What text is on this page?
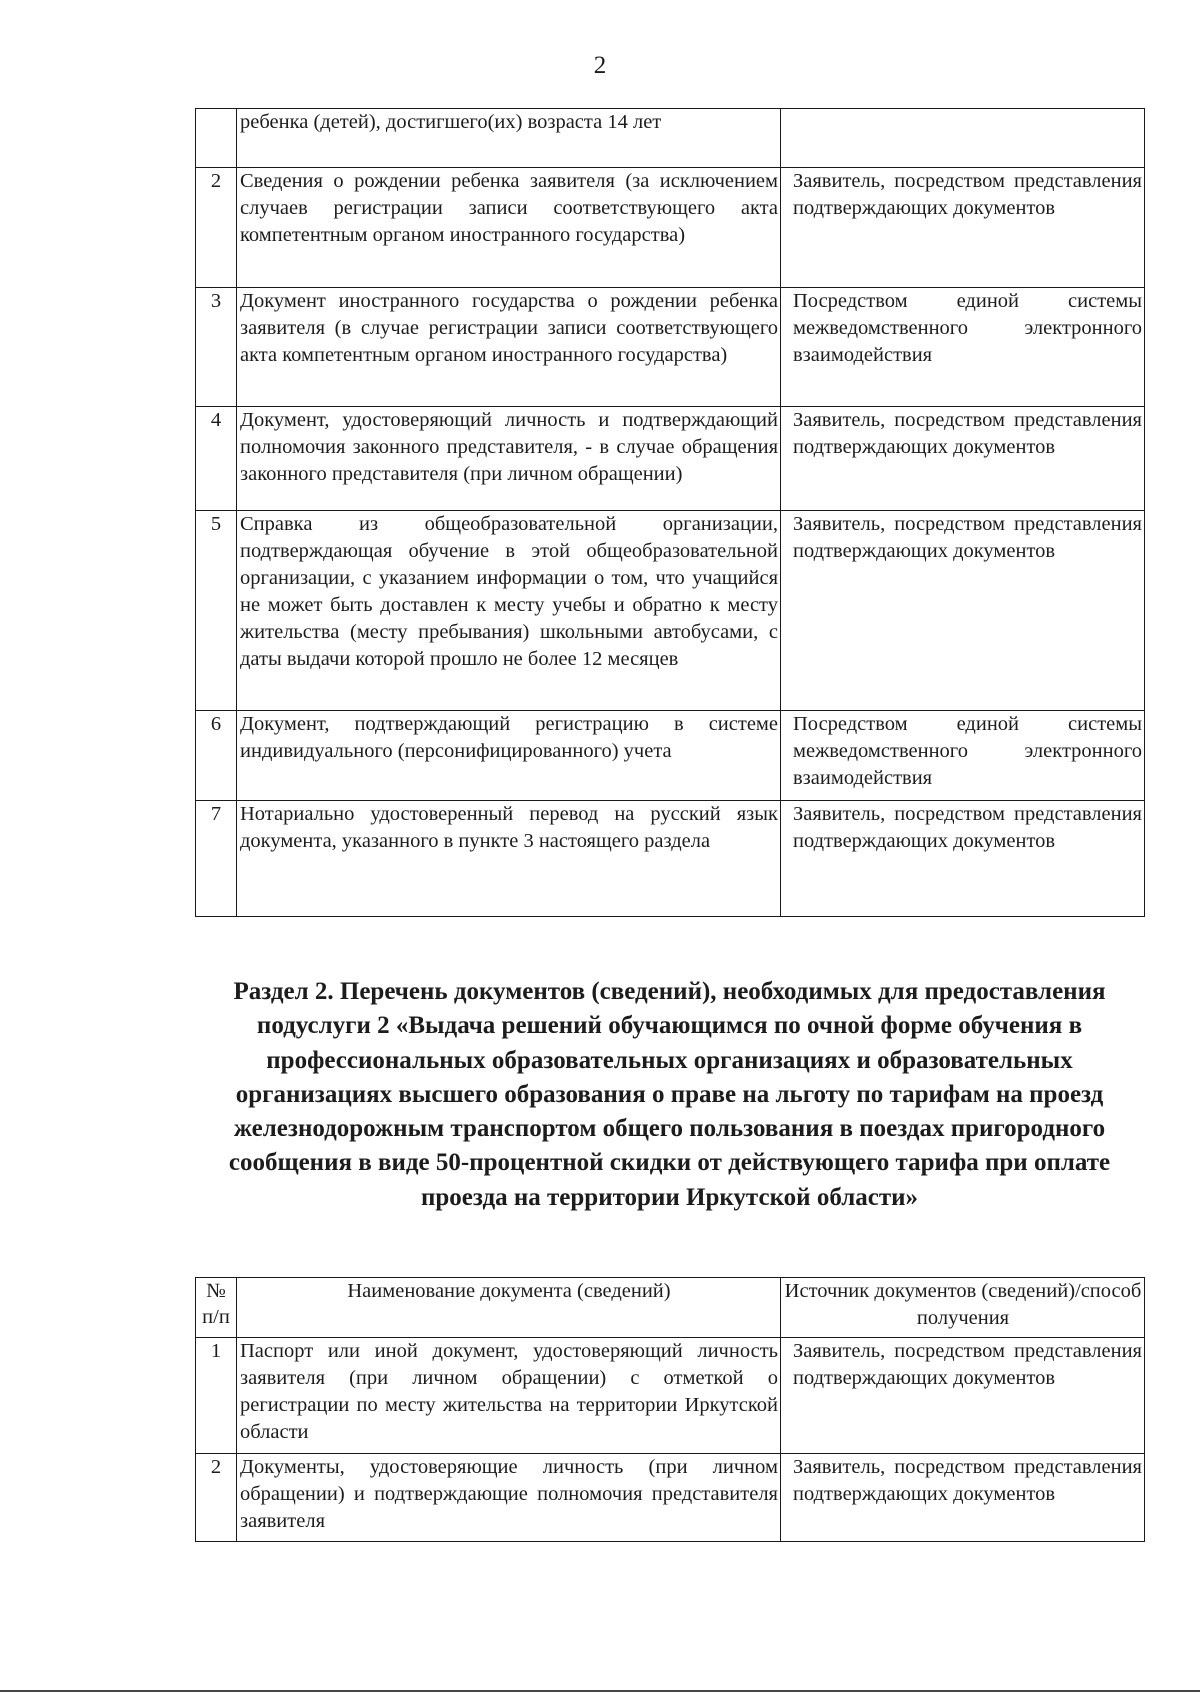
2
	ребенка (детей), достигшего(их) возраста 14 лет	
2	Сведения о рождении ребенка заявителя (за исключением случаев регистрации записи соответствующего акта компетентным органом иностранного государства)	Заявитель, посредством представления подтверждающих документов
3	Документ иностранного государства о рождении ребенка заявителя (в случае регистрации записи соответствующего акта компетентным органом иностранного государства)	Посредством единой системы межведомственного электронного взаимодействия
4	Документ, удостоверяющий личность и подтверждающий полномочия законного представителя, - в случае обращения законного представителя (при личном обращении)	Заявитель, посредством представления подтверждающих документов
5	Справка из общеобразовательной организации, подтверждающая обучение в этой общеобразовательной организации, с указанием информации о том, что учащийся не может быть доставлен к месту учебы и обратно к месту жительства (месту пребывания) школьными автобусами, с даты выдачи которой прошло не более 12 месяцев	Заявитель, посредством представления подтверждающих документов
6	Документ, подтверждающий регистрацию в системе индивидуального (персонифицированного) учета	Посредством единой системы межведомственного электронного взаимодействия
7	Нотариально удостоверенный перевод на русский язык документа, указанного в пункте 3 настоящего раздела	Заявитель, посредством представления подтверждающих документов
Раздел 2. Перечень документов (сведений), необходимых для предоставления подуслуги 2 «Выдача решений обучающимся по очной форме обучения в профессиональных образовательных организациях и образовательных организациях высшего образования о праве на льготу по тарифам на проезд железнодорожным транспортом общего пользования в поездах пригородного сообщения в виде 50-процентной скидки от действующего тарифа при оплате проезда на территории Иркутской области»
№ п/п	Наименование документа (сведений)	Источник документов (сведений)/способ получения
1	Паспорт или иной документ, удостоверяющий личность заявителя (при личном обращении) с отметкой о регистрации по месту жительства на территории Иркутской области	Заявитель, посредством представления подтверждающих документов
2	Документы, удостоверяющие личность (при личном обращении) и подтверждающие полномочия представителя заявителя	Заявитель, посредством представления подтверждающих документов
